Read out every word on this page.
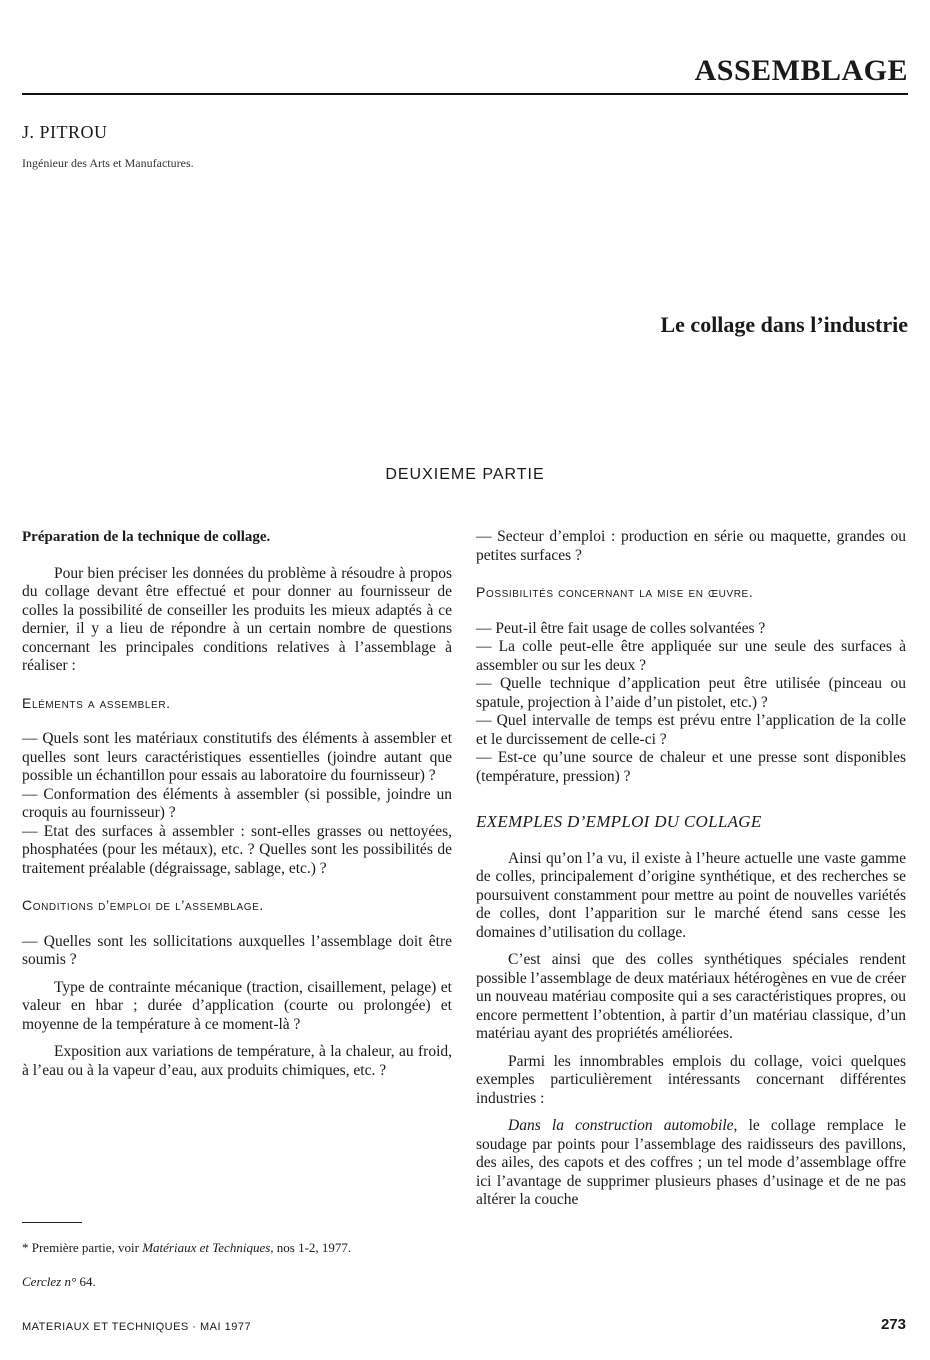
ASSEMBLAGE
J. PITROU
Ingénieur des Arts et Manufactures.
Le collage dans l’industrie
DEUXIEME PARTIE

Préparation de la technique de collage.

Pour bien préciser les données du problème à résoudre à propos du collage devant être effectué et pour donner au fournisseur de colles la possibilité de conseiller les produits les mieux adaptés à ce dernier, il y a lieu de répondre à un certain nombre de questions concernant les principales conditions relatives à l’assemblage à réaliser :

Eléments a assembler.

— Quels sont les matériaux constitutifs des éléments à assembler et quelles sont leurs caractéristiques essentielles (joindre autant que possible un échantillon pour essais au laboratoire du fournisseur) ?

— Conformation des éléments à assembler (si possible, joindre un croquis au fournisseur) ?

— Etat des surfaces à assembler : sont-elles grasses ou nettoyées, phosphatées (pour les métaux), etc. ? Quelles sont les possibilités de traitement préalable (dégraissage, sablage, etc.) ?

Conditions d’emploi de l’assemblage.

— Quelles sont les sollicitations auxquelles l’assemblage doit être soumis ?

Type de contrainte mécanique (traction, cisaillement, pelage) et valeur en hbar ; durée d’application (courte ou prolongée) et moyenne de la température à ce moment-là ?

Exposition aux variations de température, à la chaleur, au froid, à l’eau ou à la vapeur d’eau, aux produits chimiques, etc. ?

— Secteur d’emploi : production en série ou maquette, grandes ou petites surfaces ?

Possibilités concernant la mise en œuvre.

— Peut-il être fait usage de colles solvantées ?

— La colle peut-elle être appliquée sur une seule des surfaces à assembler ou sur les deux ?

— Quelle technique d’application peut être utilisée (pinceau ou spatule, projection à l’aide d’un pistolet, etc.) ?

— Quel intervalle de temps est prévu entre l’application de la colle et le durcissement de celle-ci ?

— Est-ce qu’une source de chaleur et une presse sont disponibles (température, pression) ?

EXEMPLES D’EMPLOI DU COLLAGE

Ainsi qu’on l’a vu, il existe à l’heure actuelle une vaste gamme de colles, principalement d’origine synthétique, et des recherches se poursuivent constamment pour mettre au point de nouvelles variétés de colles, dont l’apparition sur le marché étend sans cesse les domaines d’utilisation du collage.

C’est ainsi que des colles synthétiques spéciales rendent possible l’assemblage de deux matériaux hétérogènes en vue de créer un nouveau matériau composite qui a ses caractéristiques propres, ou encore permettent l’obtention, à partir d’un matériau classique, d’un matériau ayant des propriétés améliorées.

Parmi les innombrables emplois du collage, voici quelques exemples particulièrement intéressants concernant différentes industries :

Dans la construction automobile, le collage remplace le soudage par points pour l’assemblage des raidisseurs des pavillons, des ailes, des capots et des coffres ; un tel mode d’assemblage offre ici l’avantage de supprimer plusieurs phases d’usinage et de ne pas altérer la couche

* Première partie, voir Matériaux et Techniques, nos 1-2, 1977.
Cerclez n° 64.
MATERIAUX ET TECHNIQUES · MAI 1977	273
